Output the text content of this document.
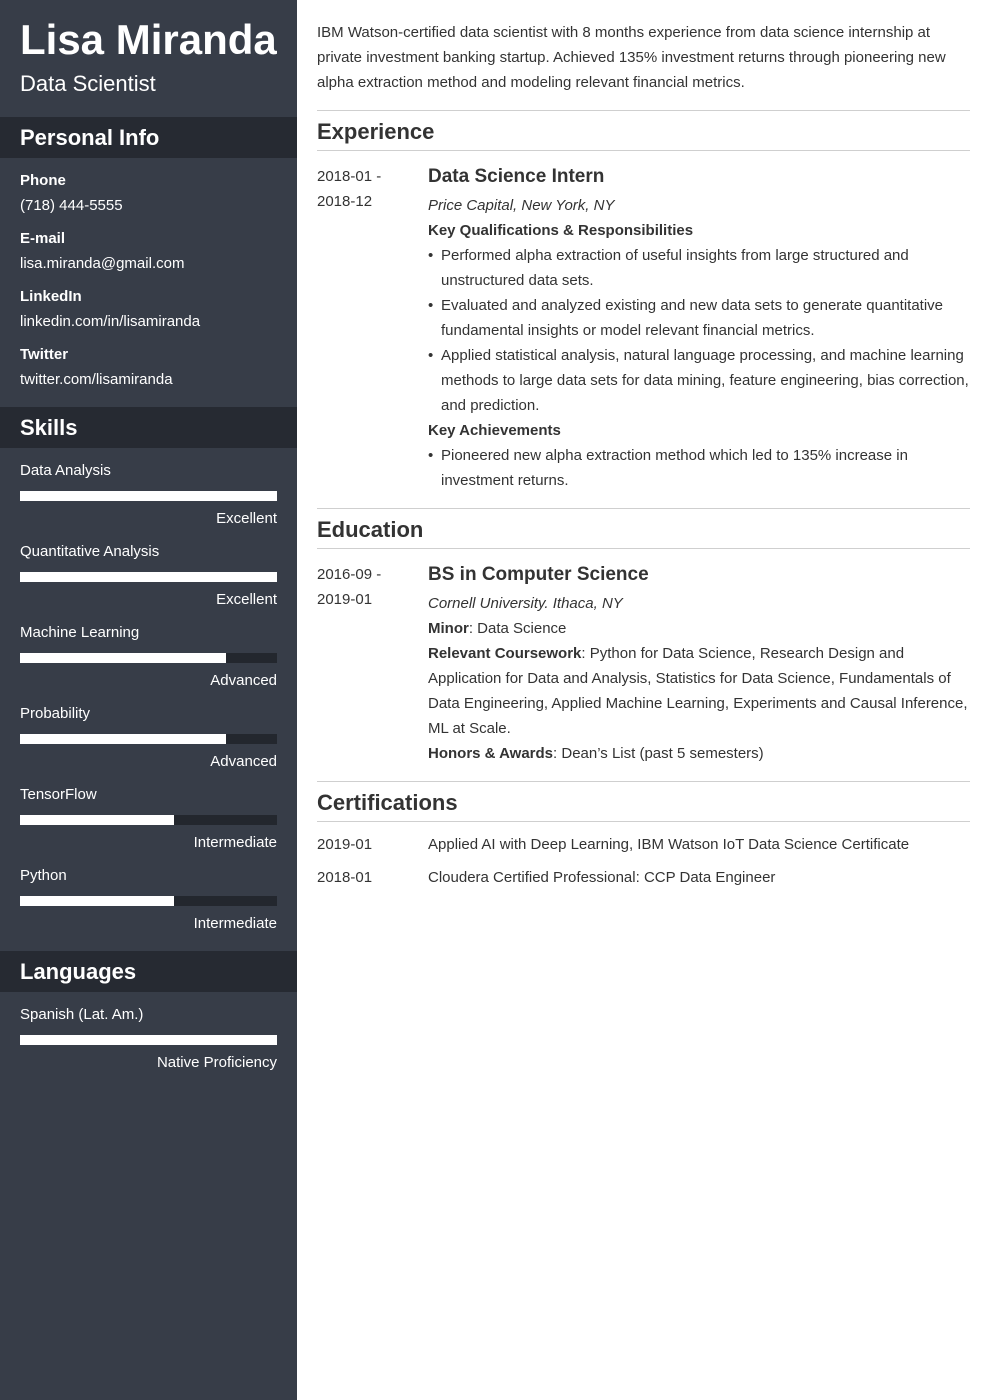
Lisa Miranda
Data Scientist
Personal Info
Phone
(718) 444-5555
E-mail
lisa.miranda@gmail.com
LinkedIn
linkedin.com/in/lisamiranda
Twitter
twitter.com/lisamiranda
Skills
Data Analysis
Excellent
Quantitative Analysis
Excellent
Machine Learning
Advanced
Probability
Advanced
TensorFlow
Intermediate
Python
Intermediate
Languages
Spanish (Lat. Am.)
Native Proficiency
IBM Watson-certified data scientist with 8 months experience from data science internship at private investment banking startup. Achieved 135% investment returns through pioneering new alpha extraction method and modeling relevant financial metrics.
Experience
2018-01 -
2018-12
Data Science Intern
Price Capital, New York, NY
Key Qualifications & Responsibilities
• Performed alpha extraction of useful insights from large structured and unstructured data sets.
• Evaluated and analyzed existing and new data sets to generate quantitative fundamental insights or model relevant financial metrics.
• Applied statistical analysis, natural language processing, and machine learning methods to large data sets for data mining, feature engineering, bias correction, and prediction.
Key Achievements
• Pioneered new alpha extraction method which led to 135% increase in investment returns.
Education
2016-09 -
2019-01
BS in Computer Science
Cornell University. Ithaca, NY
Minor: Data Science
Relevant Coursework: Python for Data Science, Research Design and Application for Data and Analysis, Statistics for Data Science, Fundamentals of Data Engineering, Applied Machine Learning, Experiments and Causal Inference, ML at Scale.
Honors & Awards: Dean’s List (past 5 semesters)
Certifications
2019-01	Applied AI with Deep Learning, IBM Watson IoT Data Science Certificate
2018-01	Cloudera Certified Professional: CCP Data Engineer
